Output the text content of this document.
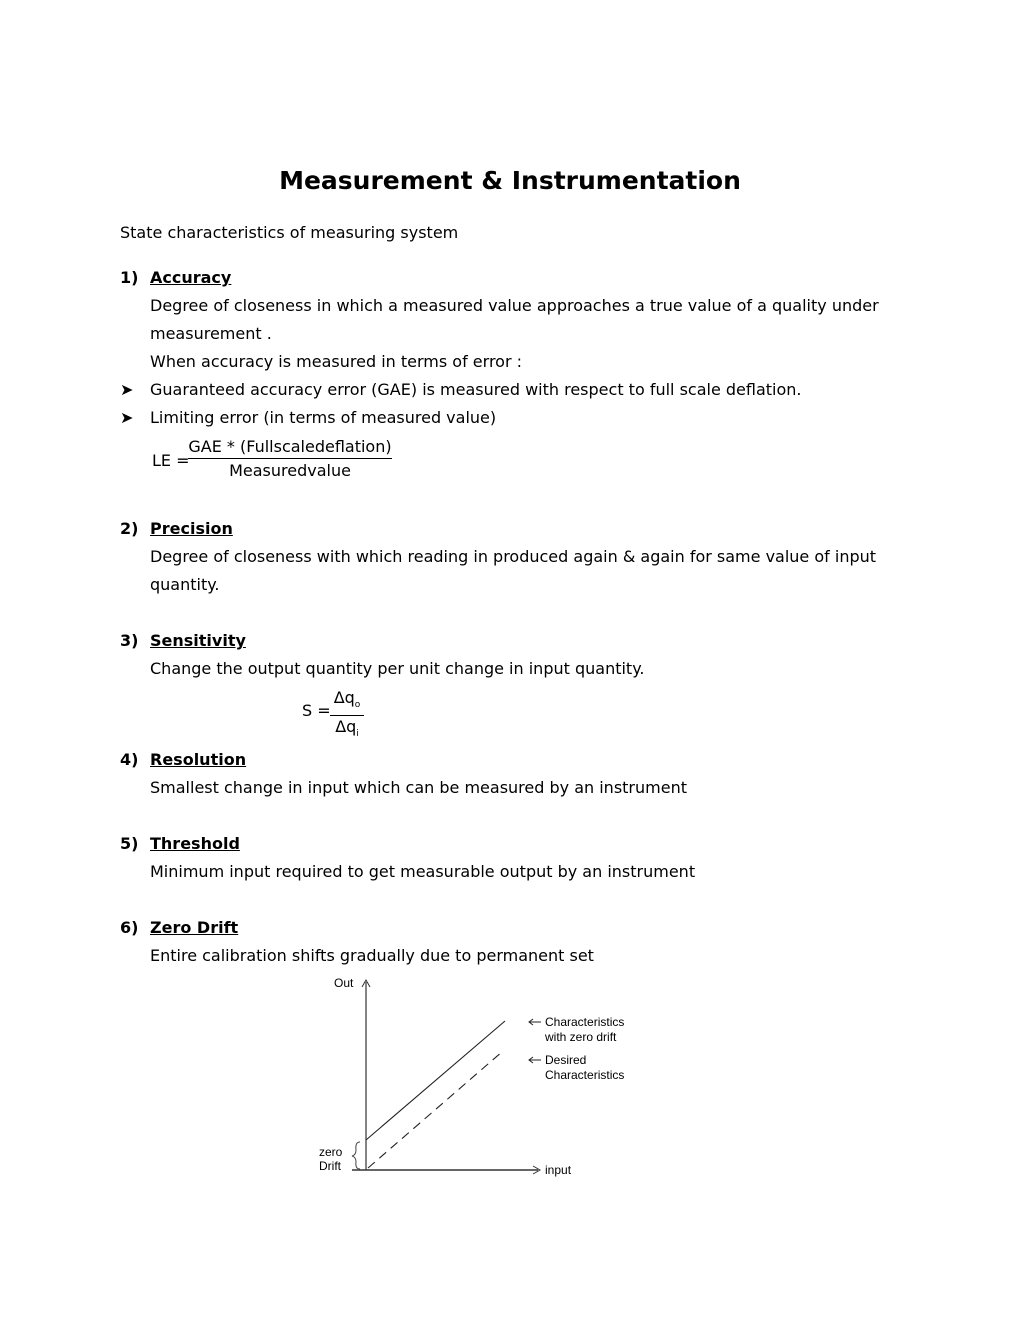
Measurement & Instrumentation
State characteristics of measuring system
1) Accuracy
Degree of closeness in which a measured value approaches a true value of a quality under
measurement .
When accuracy is measured in terms of error :
➤ Guaranteed accuracy error (GAE) is measured with respect to full scale deflation.
➤ Limiting error (in terms of measured value)
LE =
GAE * (Fullscaledeflation)
Measuredvalue
2) Precision
Degree of closeness with which reading in produced again & again for same value of input
quantity.
3) Sensitivity
Change the output quantity per unit change in input quantity.
S =
$\Delta q_o$
$\Delta q_i$
4) Resolution
Smallest change in input which can be measured by an instrument
5) Threshold
Minimum input required to get measurable output by an instrument
6) Zero Drift
Entire calibration shifts gradually due to permanent set
Out
input
zero
Drift
Characteristics
with zero drift
Desired
Characteristics
